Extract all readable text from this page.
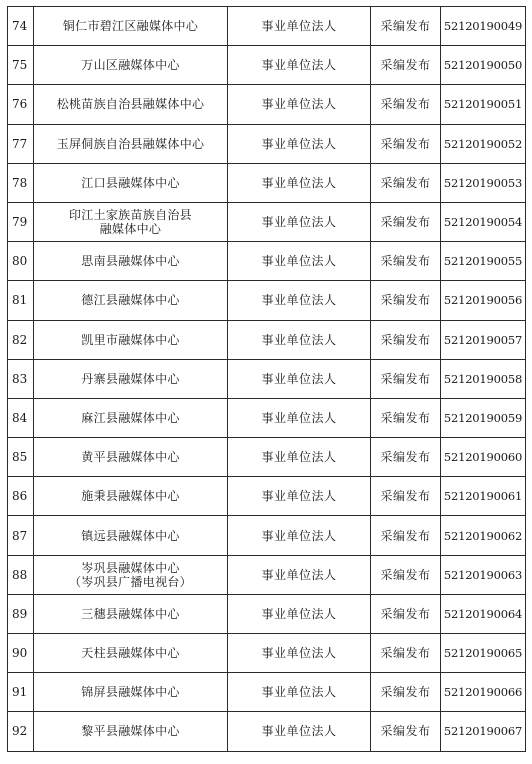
74	铜仁市碧江区融媒体中心	事业单位法人	采编发布	52120190049
75	万山区融媒体中心	事业单位法人	采编发布	52120190050
76	松桃苗族自治县融媒体中心	事业单位法人	采编发布	52120190051
77	玉屏侗族自治县融媒体中心	事业单位法人	采编发布	52120190052
78	江口县融媒体中心	事业单位法人	采编发布	52120190053
79	印江土家族苗族自治县
融媒体中心	事业单位法人	采编发布	52120190054
80	思南县融媒体中心	事业单位法人	采编发布	52120190055
81	德江县融媒体中心	事业单位法人	采编发布	52120190056
82	凯里市融媒体中心	事业单位法人	采编发布	52120190057
83	丹寨县融媒体中心	事业单位法人	采编发布	52120190058
84	麻江县融媒体中心	事业单位法人	采编发布	52120190059
85	黄平县融媒体中心	事业单位法人	采编发布	52120190060
86	施秉县融媒体中心	事业单位法人	采编发布	52120190061
87	镇远县融媒体中心	事业单位法人	采编发布	52120190062
88	岑巩县融媒体中心
（岑巩县广播电视台）	事业单位法人	采编发布	52120190063
89	三穗县融媒体中心	事业单位法人	采编发布	52120190064
90	天柱县融媒体中心	事业单位法人	采编发布	52120190065
91	锦屏县融媒体中心	事业单位法人	采编发布	52120190066
92	黎平县融媒体中心	事业单位法人	采编发布	52120190067
